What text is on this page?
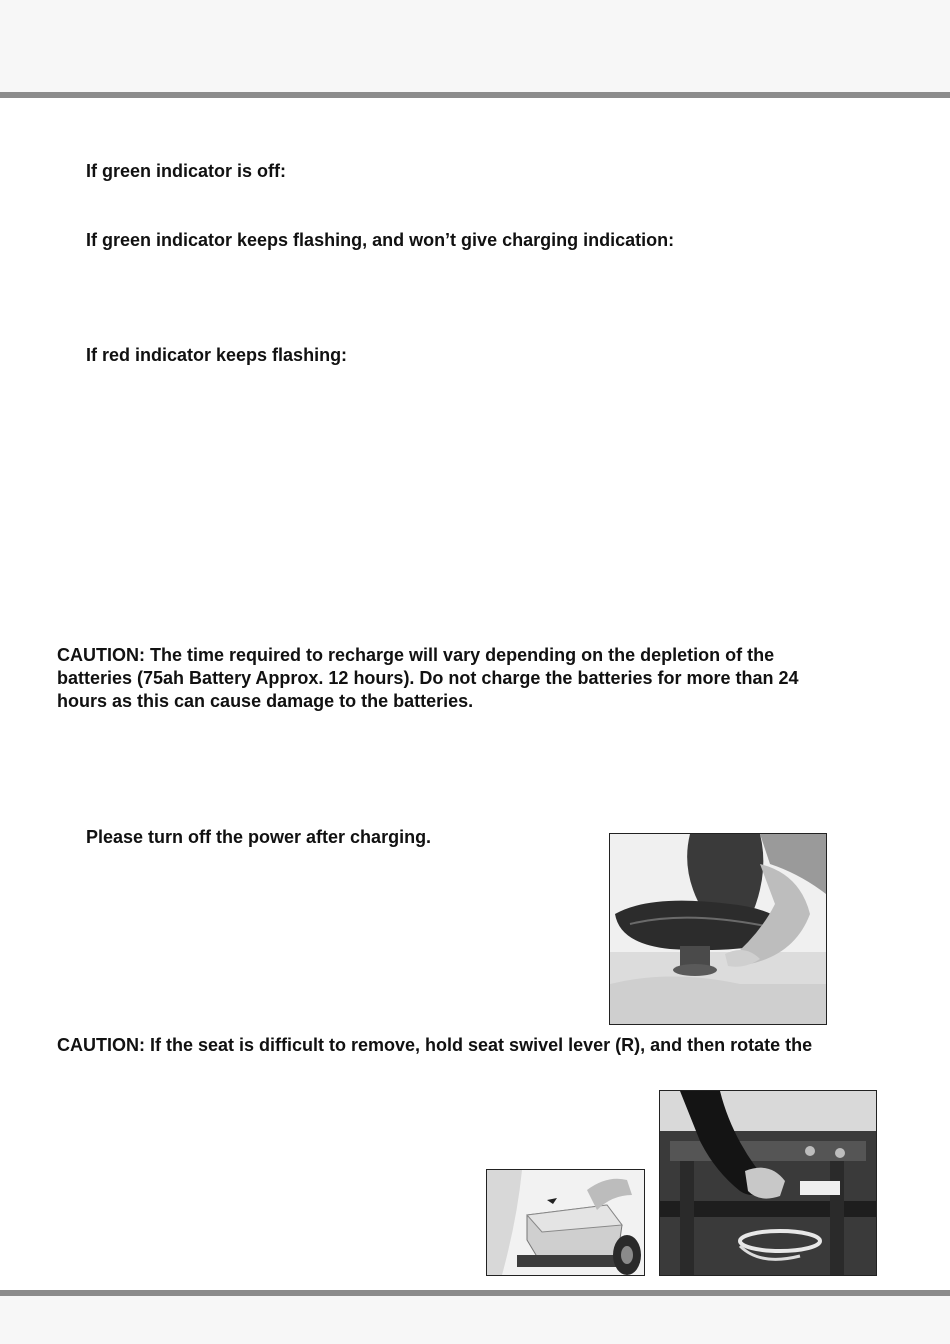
If green indicator is off:
If green indicator keeps flashing, and won’t give charging indication:
If red indicator keeps flashing:
CAUTION: The time required to recharge will vary depending on the depletion of the
batteries (75ah Battery Approx. 12 hours). Do not charge the batteries for more than 24
hours as this can cause damage to the batteries.
Please turn off the power after charging.
CAUTION: If the seat is difficult to remove, hold seat swivel lever (R), and then rotate the
